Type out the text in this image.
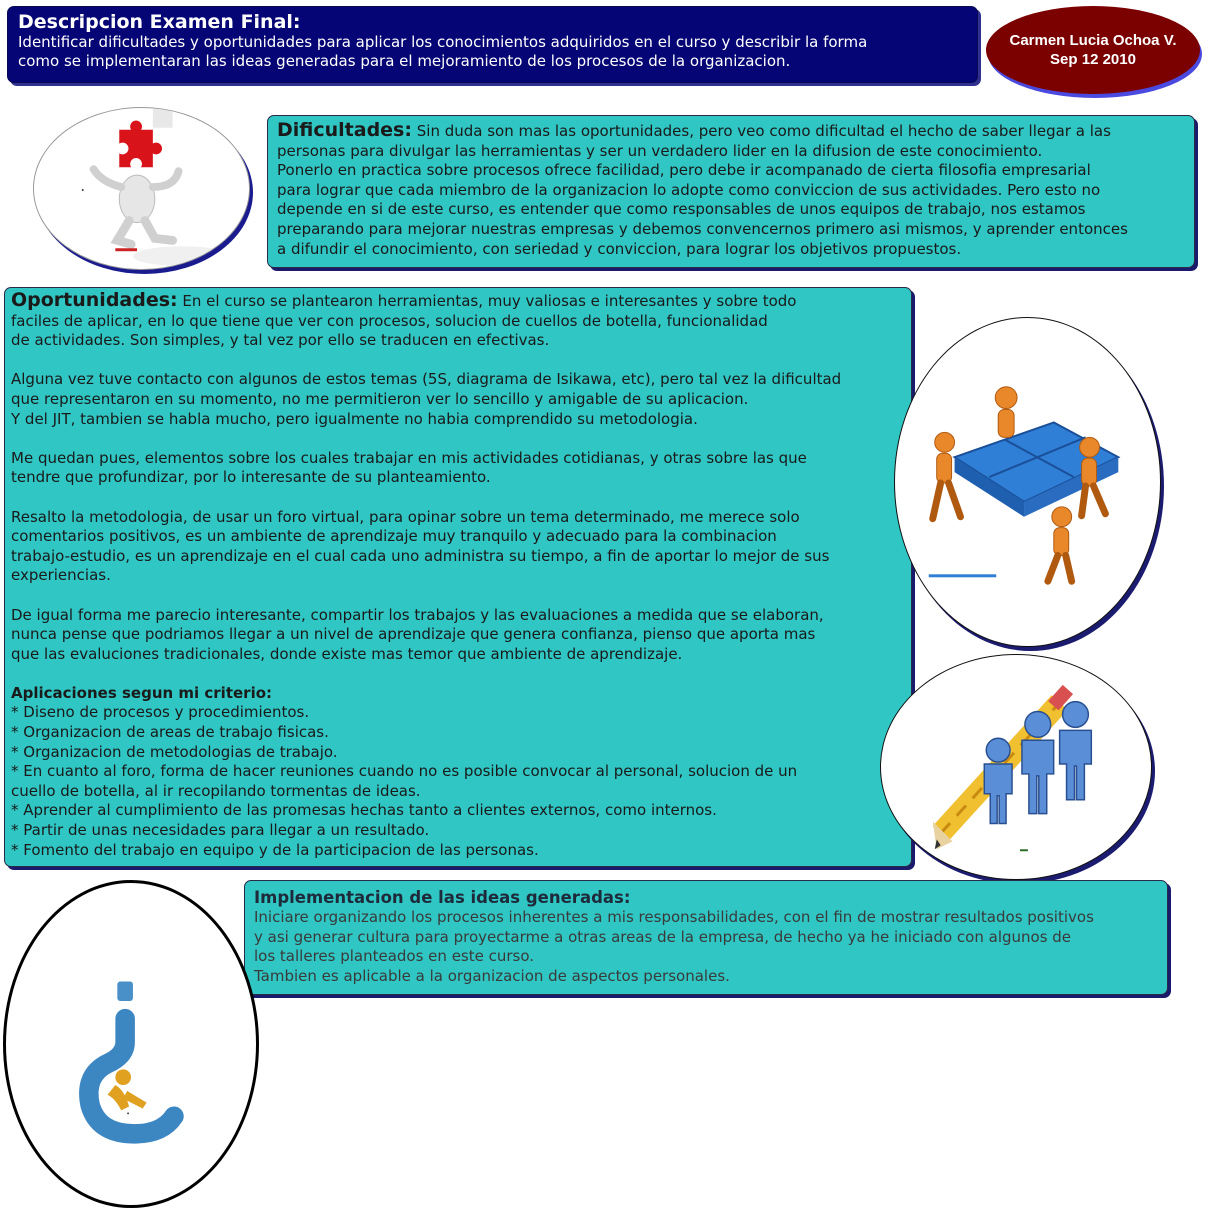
Descripcion Examen Final:
Identificar dificultades y oportunidades para aplicar los conocimientos adquiridos en el curso y describir la forma
como se implementaran las ideas generadas para el mejoramiento de los procesos de la organizacion.
Carmen Lucia Ochoa V.
Sep 12 2010
Dificultades: Sin duda son mas las oportunidades, pero veo como dificultad el hecho de saber llegar a las
personas para divulgar las herramientas y ser un verdadero lider en la difusion de este conocimiento.
Ponerlo en practica sobre procesos ofrece facilidad, pero debe ir acompanado de cierta filosofia empresarial
para lograr que cada miembro de la organizacion lo adopte como conviccion de sus actividades. Pero esto no
depende en si de este curso, es entender que como responsables de unos equipos de trabajo, nos estamos
preparando para mejorar nuestras empresas y debemos convencernos primero asi mismos, y aprender entonces
a difundir el conocimiento, con seriedad y conviccion, para lograr los objetivos propuestos.
Oportunidades: En el curso se plantearon herramientas, muy valiosas e interesantes y sobre todo
faciles de aplicar, en lo que tiene que ver con procesos, solucion de cuellos de botella, funcionalidad
de actividades. Son simples, y tal vez por ello se traducen en efectivas.
Alguna vez tuve contacto con algunos de estos temas (5S, diagrama de Isikawa, etc), pero tal vez la dificultad
que representaron en su momento, no me permitieron ver lo sencillo y amigable de su aplicacion.
Y del JIT, tambien se habla mucho, pero igualmente no habia comprendido su metodologia.
Me quedan pues, elementos sobre los cuales trabajar en mis actividades cotidianas, y otras sobre las que
tendre que profundizar, por lo interesante de su planteamiento.
Resalto la metodologia, de usar un foro virtual, para opinar sobre un tema determinado, me merece solo
comentarios positivos, es un ambiente de aprendizaje muy tranquilo y adecuado para la combinacion
trabajo-estudio, es un aprendizaje en el cual cada uno administra su tiempo, a fin de aportar lo mejor de sus
experiencias.
De igual forma me parecio interesante, compartir los trabajos y las evaluaciones a medida que se elaboran,
nunca pense que podriamos llegar a un nivel de aprendizaje que genera confianza, pienso que aporta mas
que las evaluciones tradicionales, donde existe mas temor que ambiente de aprendizaje.
Aplicaciones segun mi criterio:
* Diseno de procesos y procedimientos.
* Organizacion de areas de trabajo fisicas.
* Organizacion de metodologias de trabajo.
* En cuanto al foro, forma de hacer reuniones cuando no es posible convocar al personal, solucion de un
cuello de botella, al ir recopilando tormentas de ideas.
* Aprender al cumplimiento de las promesas hechas tanto a clientes externos, como internos.
* Partir de unas necesidades para llegar a un resultado.
* Fomento del trabajo en equipo y de la participacion de las personas.
Implementacion de las ideas generadas:
Iniciare organizando los procesos inherentes a mis responsabilidades, con el fin de mostrar resultados positivos
y asi generar cultura para proyectarme a otras areas de la empresa, de hecho ya he iniciado con algunos de
los talleres planteados en este curso.
Tambien es aplicable a la organizacion de aspectos personales.
